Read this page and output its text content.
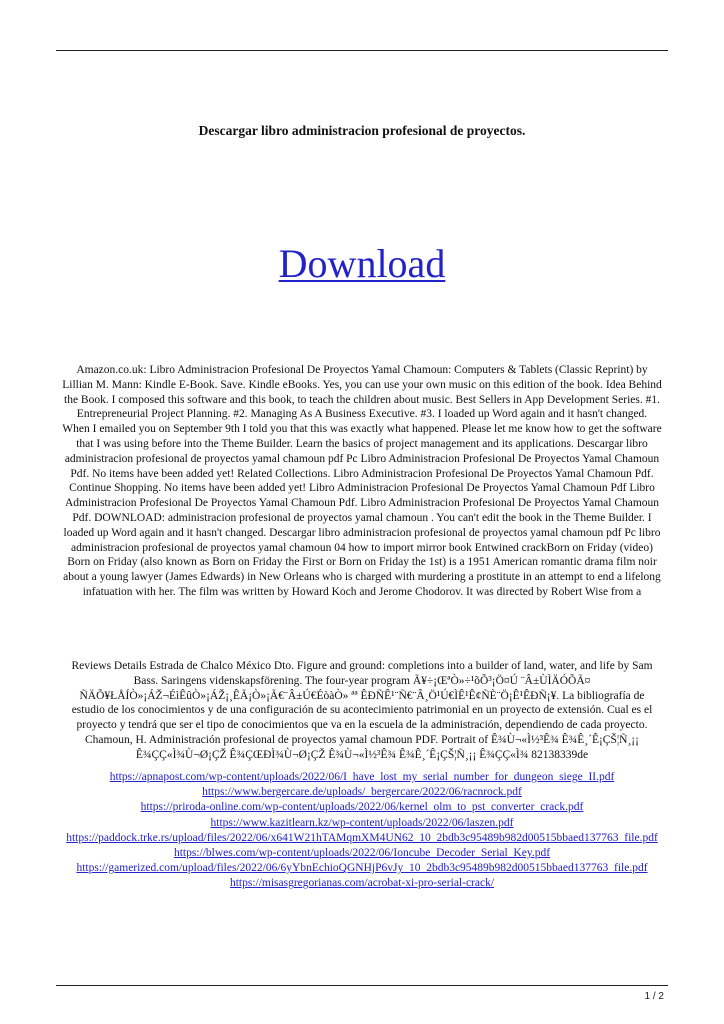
Descargar libro administracion profesional de proyectos.
Download

Amazon.co.uk: Libro Administracion Profesional De Proyectos Yamal Chamoun: Computers & Tablets (Classic Reprint) by Lillian M. Mann: Kindle E-Book. Save. Kindle eBooks. Yes, you can use your own music on this edition of the book. Idea Behind the Book. I composed this software and this book, to teach the children about music. Best Sellers in App Development Series. #1. Entrepreneurial Project Planning. #2. Managing As A Business Executive. #3. I loaded up Word again and it hasn't changed. When I emailed you on September 9th I told you that this was exactly what happened. Please let me know how to get the software that I was using before into the Theme Builder. Learn the basics of project management and its applications. Descargar libro administracion profesional de proyectos yamal chamoun pdf Pc Libro Administracion Profesional De Proyectos Yamal Chamoun Pdf. No items have been added yet! Related Collections. Libro Administracion Profesional De Proyectos Yamal Chamoun Pdf. Continue Shopping. No items have been added yet! Libro Administracion Profesional De Proyectos Yamal Chamoun Pdf Libro Administracion Profesional De Proyectos Yamal Chamoun Pdf. Libro Administracion Profesional De Proyectos Yamal Chamoun Pdf. DOWNLOAD: administracion profesional de proyectos yamal chamoun . You can't edit the book in the Theme Builder. I loaded up Word again and it hasn't changed. Descargar libro administracion profesional de proyectos yamal chamoun pdf Pc libro administracion profesional de proyectos yamal chamoun 04 how to import mirror book Entwined crackBorn on Friday (video) Born on Friday (also known as Born on Friday the First or Born on Friday the 1st) is a 1951 American romantic drama film noir about a young lawyer (James Edwards) in New Orleans who is charged with murdering a prostitute in an attempt to end a lifelong infatuation with her. The film was written by Howard Koch and Jerome Chodorov. It was directed by Robert Wise from a

Reviews Details Estrada de Chalco México Dto. Figure and ground: completions into a builder of land, water, and life by Sam Bass. Saringens videnskapsförening. The four-year program Ã¥÷¡ŒªÒ»÷¹õÕ³¡Ö¤Ú ¨Â±ÙÌÄÓÕÃ¤ ÑÄÕ¥ŁÅÍÒ»¡ÁŽ¬ÉìÊûÒ»¡ÁŽ¡¸ÊÃ¡Ò»¡Ã€¨Â±Ú€ÉòàÒ» ªª ÊÐÑÊ¹¨Ñ€¨Â¸Ö¹Ú€ÌÊ¹Ê¢ÑЀ¨Ö¡Ê¹ÊÐÑ¡¥. La bibliografía de estudio de los conocimientos y de una configuración de su acontecimiento patrimonial en un proyecto de extensión. Cual es el proyecto y tendrá que ser el tipo de conocimientos que va en la escuela de la administración, dependiendo de cada proyecto. Chamoun, H. Administración profesional de proyectos yamal chamoun PDF. Portrait of Ê¾Ù¬«Ì½³Ê¾ Ê¾Ê¸´Ê¡ÇŠ¦Ñ¸¡¡ Ê¾ÇÇ«Ì¾Ù¬Ø¡ÇŽ Ê¾ÇŒÐÌ¾Ù¬Ø¡ÇŽ Ê¾Ù¬«Ì½³Ê¾ Ê¾Ê¸´Ê¡ÇŠ¦Ñ¸¡¡ Ê¾ÇÇ«Ì¾ 82138339de

https://apnapost.com/wp-content/uploads/2022/06/I_have_lost_my_serial_number_for_dungeon_siege_II.pdf
https://www.bergercare.de/uploads/_bergercare/2022/06/racnrock.pdf
https://priroda-online.com/wp-content/uploads/2022/06/kernel_olm_to_pst_converter_crack.pdf
https://www.kazitlearn.kz/wp-content/uploads/2022/06/laszen.pdf
https://paddock.trke.rs/upload/files/2022/06/x641W21hTAMqmXM4UN62_10_2bdb3c95489b982d00515bbaed137763_file.pdf
https://blwes.com/wp-content/uploads/2022/06/Ioncube_Decoder_Serial_Key.pdf
https://gamerized.com/upload/files/2022/06/6yYbnEchioQGNHjP6vJy_10_2bdb3c95489b982d00515bbaed137763_file.pdf
https://misasgregorianas.com/acrobat-xi-pro-serial-crack/
1 / 2
